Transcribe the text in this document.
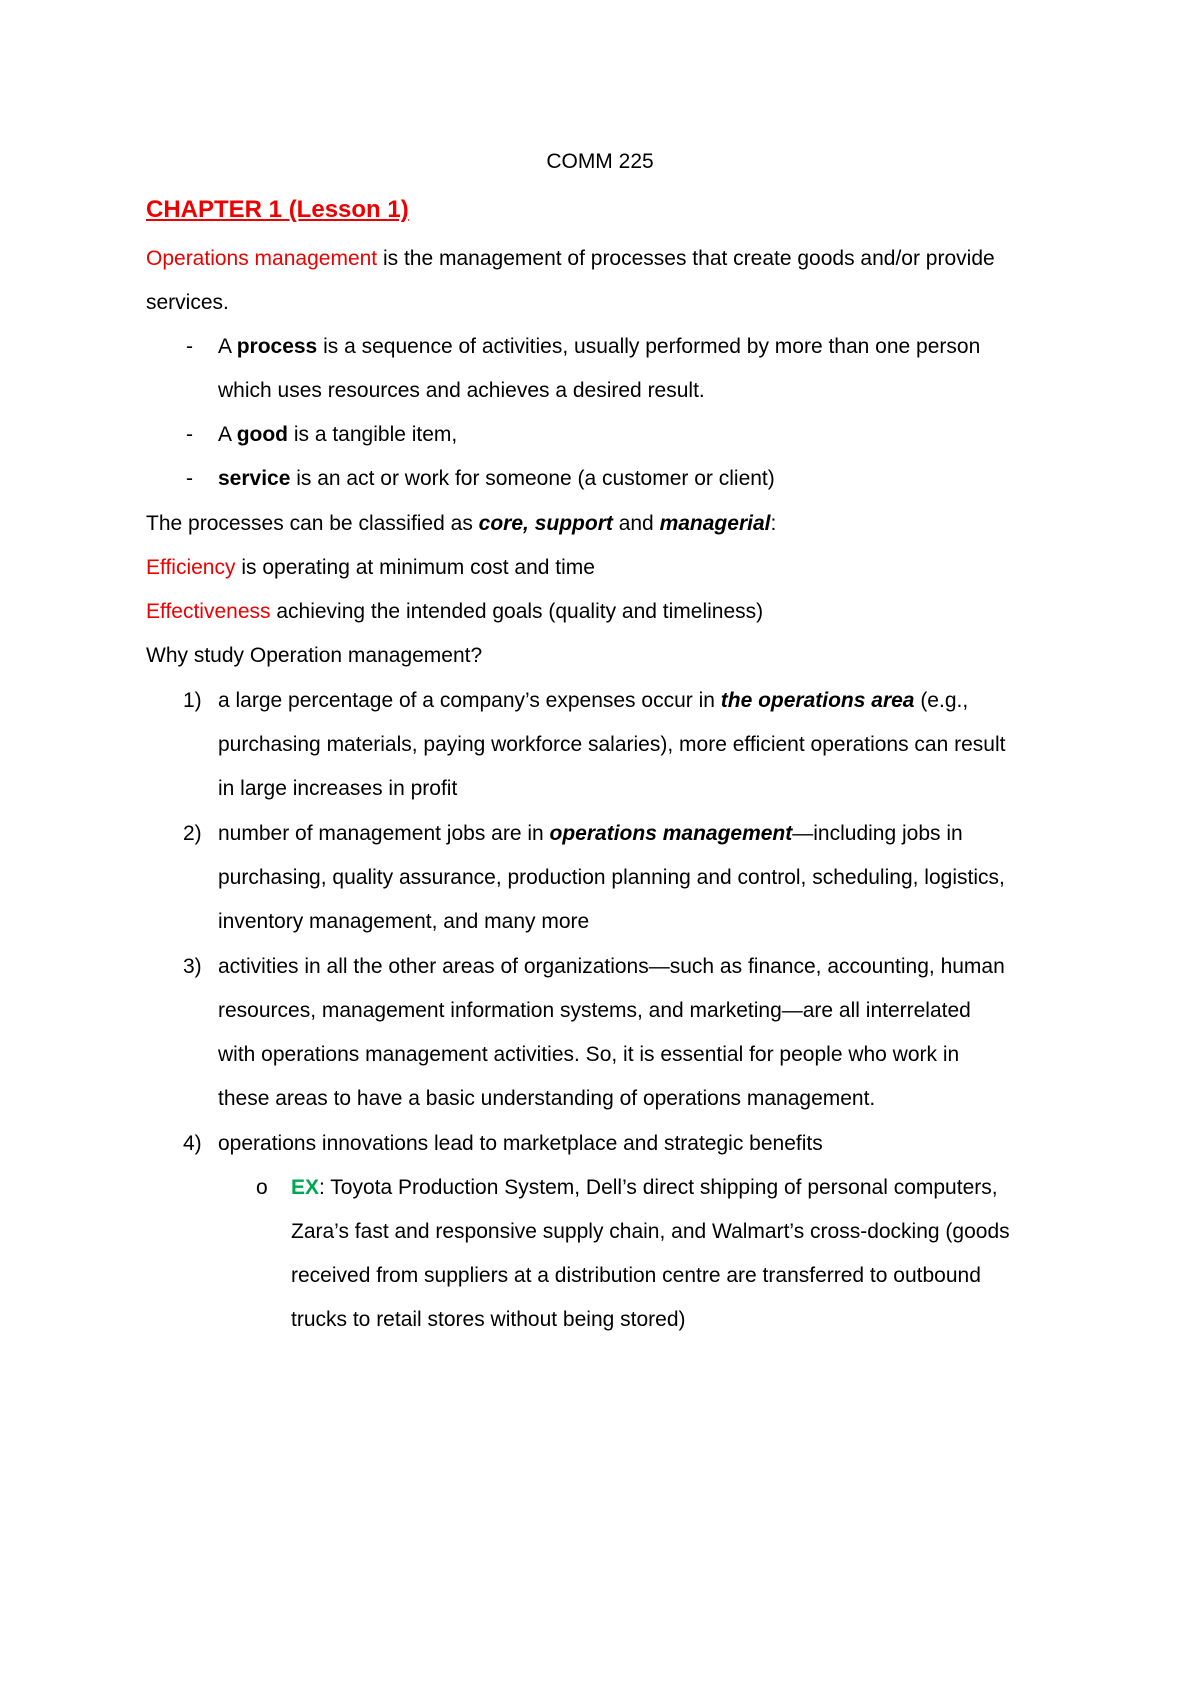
COMM 225
CHAPTER 1 (Lesson 1)
Operations management is the management of processes that create goods and/or provide
services.
- A process is a sequence of activities, usually performed by more than one person
which uses resources and achieves a desired result.
- A good is a tangible item,
- service is an act or work for someone (a customer or client)
The processes can be classified as core, support and managerial:
Efficiency is operating at minimum cost and time
Effectiveness achieving the intended goals (quality and timeliness)
Why study Operation management?
1) a large percentage of a company’s expenses occur in the operations area (e.g.,
purchasing materials, paying workforce salaries), more efficient operations can result
in large increases in profit
2) number of management jobs are in operations management—including jobs in
purchasing, quality assurance, production planning and control, scheduling, logistics,
inventory management, and many more
3) activities in all the other areas of organizations—such as finance, accounting, human
resources, management information systems, and marketing—are all interrelated
with operations management activities. So, it is essential for people who work in
these areas to have a basic understanding of operations management.
4) operations innovations lead to marketplace and strategic benefits
o EX: Toyota Production System, Dell’s direct shipping of personal computers,
Zara’s fast and responsive supply chain, and Walmart’s cross-docking (goods
received from suppliers at a distribution centre are transferred to outbound
trucks to retail stores without being stored)
